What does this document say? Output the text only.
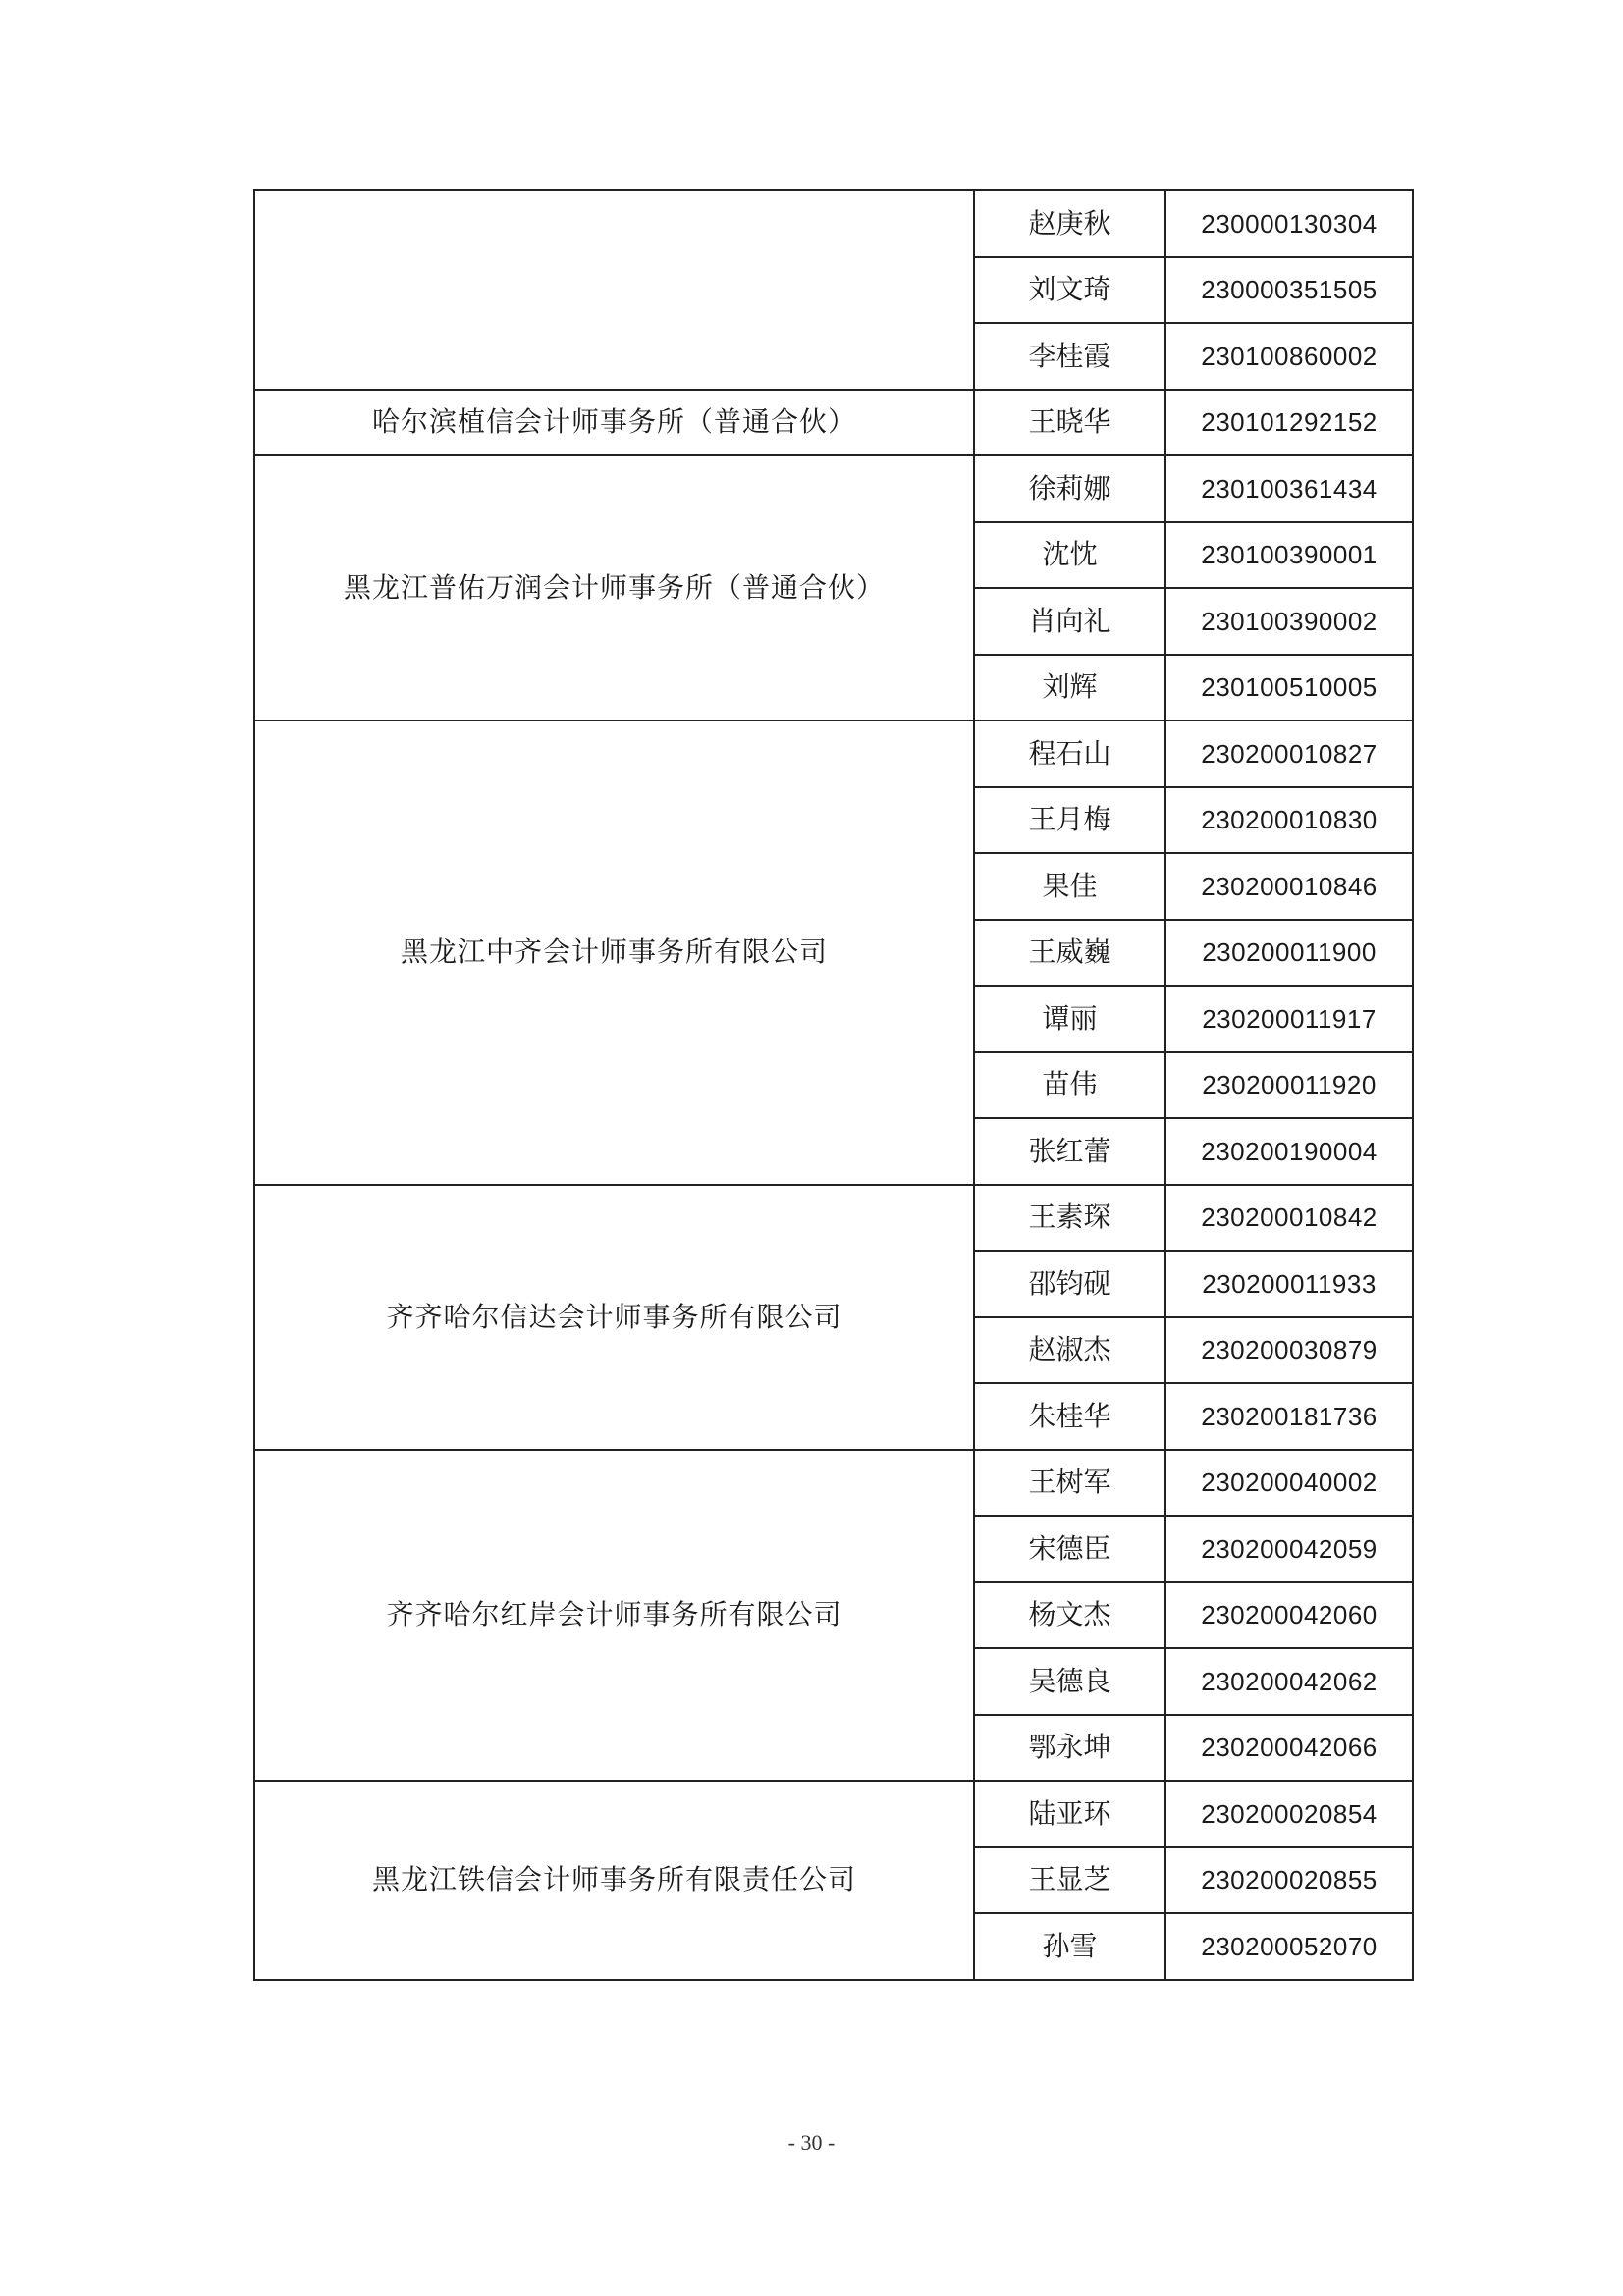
	赵庚秋	230000130304
	刘文琦	230000351505
	李桂霞	230100860002
哈尔滨植信会计师事务所（普通合伙）	王晓华	230101292152
黑龙江普佑万润会计师事务所（普通合伙）	徐莉娜	230100361434
	沈忱	230100390001
	肖向礼	230100390002
	刘辉	230100510005
黑龙江中齐会计师事务所有限公司	程石山	230200010827
	王月梅	230200010830
	果佳	230200010846
	王威巍	230200011900
	谭丽	230200011917
	苗伟	230200011920
	张红蕾	230200190004
齐齐哈尔信达会计师事务所有限公司	王素琛	230200010842
	邵钧砚	230200011933
	赵淑杰	230200030879
	朱桂华	230200181736
齐齐哈尔红岸会计师事务所有限公司	王树军	230200040002
	宋德臣	230200042059
	杨文杰	230200042060
	吴德良	230200042062
	鄂永坤	230200042066
黑龙江铁信会计师事务所有限责任公司	陆亚环	230200020854
	王显芝	230200020855
	孙雪	230200052070
- 30 -
